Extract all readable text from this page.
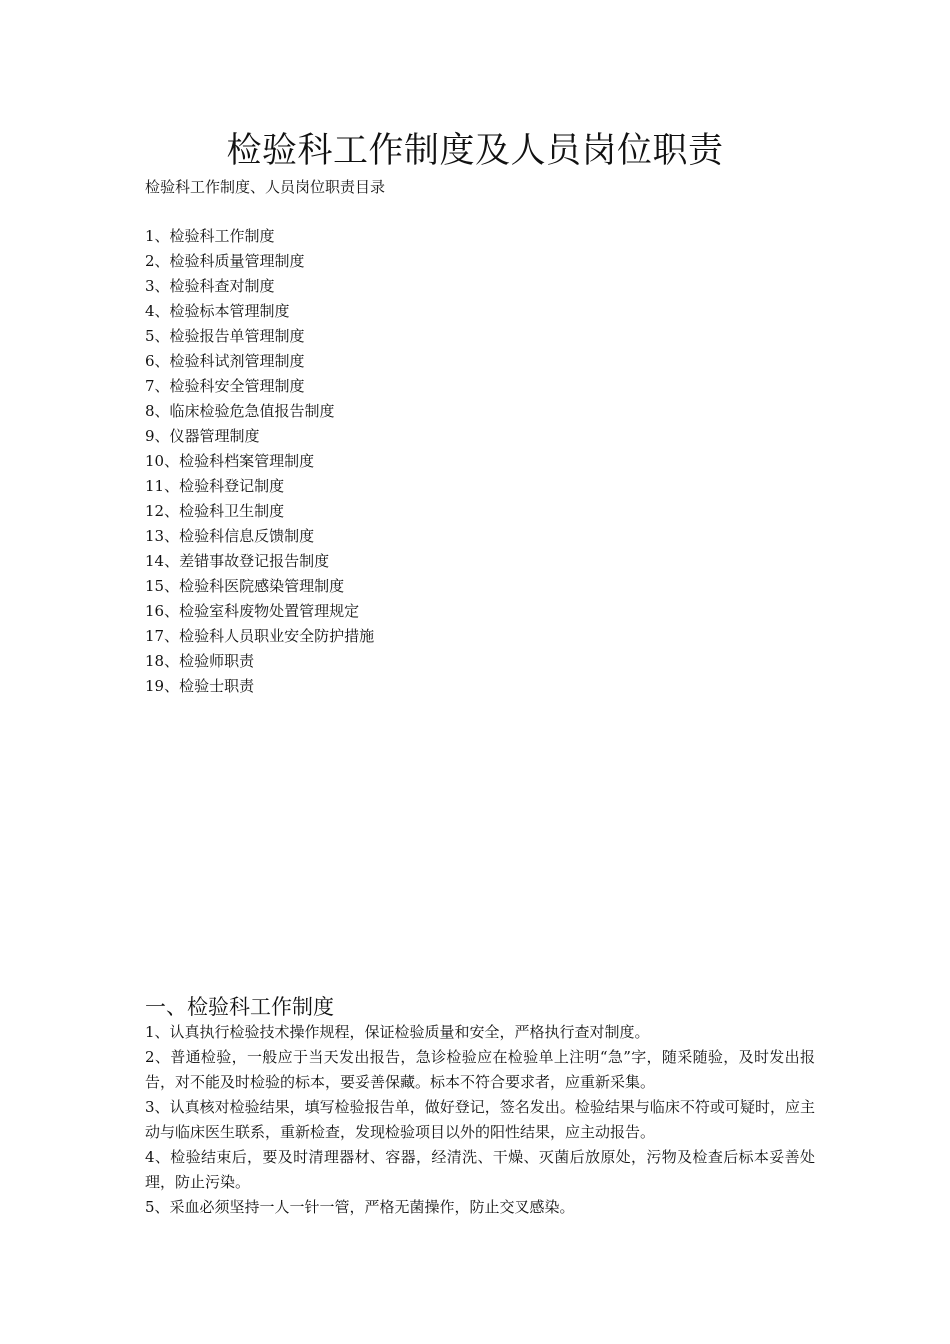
检验科工作制度及人员岗位职责

检验科工作制度、人员岗位职责目录

1、检验科工作制度
2、检验科质量管理制度
3、检验科查对制度
4、检验标本管理制度
5、检验报告单管理制度
6、检验科试剂管理制度
7、检验科安全管理制度
8、临床检验危急值报告制度
9、仪器管理制度
10、检验科档案管理制度
11、检验科登记制度
12、检验科卫生制度
13、检验科信息反馈制度
14、差错事故登记报告制度
15、检验科医院感染管理制度
16、检验室科废物处置管理规定
17、检验科人员职业安全防护措施
18、检验师职责
19、检验士职责
一、检验科工作制度

1、认真执行检验技术操作规程，保证检验质量和安全，严格执行查对制度。

2、普通检验，一般应于当天发出报告，急诊检验应在检验单上注明“急”字，随采随验，及时发出报告，对不能及时检验的标本，要妥善保藏。标本不符合要求者，应重新采集。

3、认真核对检验结果，填写检验报告单，做好登记，签名发出。检验结果与临床不符或可疑时，应主动与临床医生联系，重新检查，发现检验项目以外的阳性结果，应主动报告。

4、检验结束后，要及时清理器材、容器，经清洗、干燥、灭菌后放原处，污物及检查后标本妥善处理，防止污染。

5、采血必须坚持一人一针一管，严格无菌操作，防止交叉感染。
